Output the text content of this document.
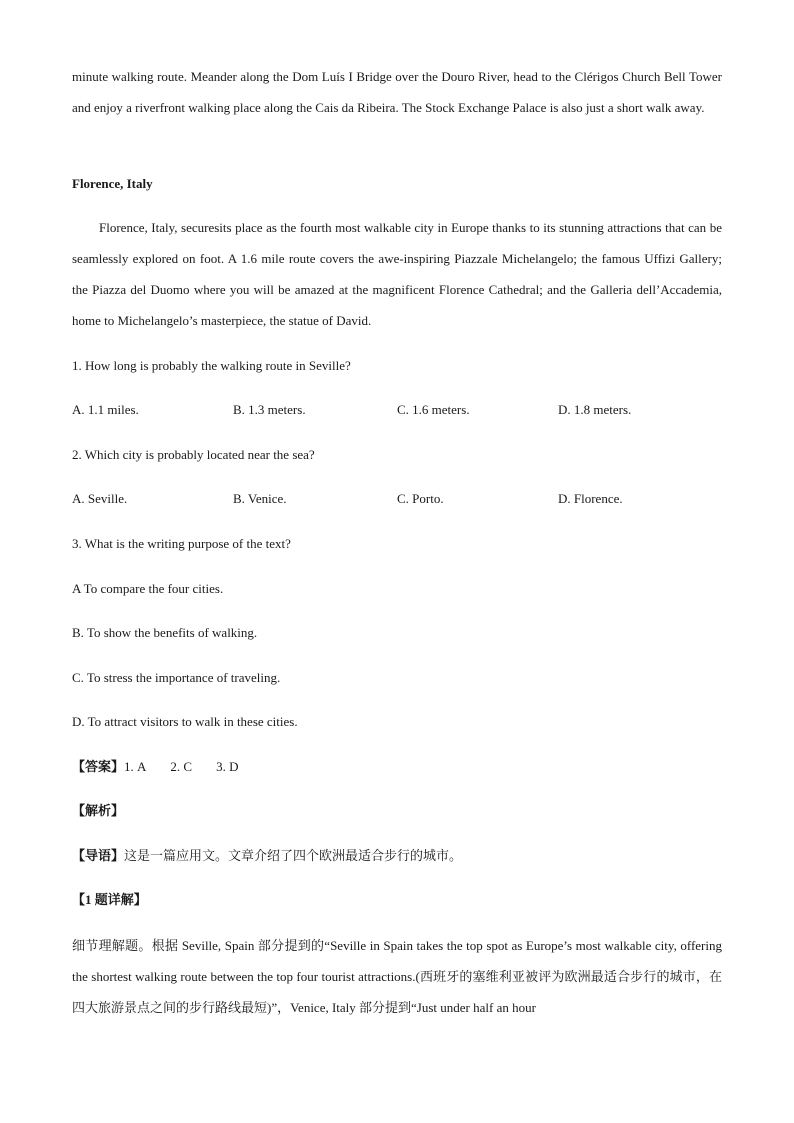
minute walking route. Meander along the Dom Luís I Bridge over the Douro River, head to the Clérigos Church Bell Tower and enjoy a riverfront walking place along the Cais da Ribeira. The Stock Exchange Palace is also just a short walk away.
Florence, Italy
Florence, Italy, securesits place as the fourth most walkable city in Europe thanks to its stunning attractions that can be seamlessly explored on foot. A 1.6 mile route covers the awe-inspiring Piazzale Michelangelo; the famous Uffizi Gallery; the Piazza del Duomo where you will be amazed at the magnificent Florence Cathedral; and the Galleria dell’Accademia, home to Michelangelo’s masterpiece, the statue of David.
1. How long is probably the walking route in Seville?
A. 1.1 miles.	B. 1.3 meters.	C. 1.6 meters.	D. 1.8 meters.
2. Which city is probably located near the sea?
A. Seville.	B. Venice.	C. Porto.	D. Florence.
3. What is the writing purpose of the text?
A To compare the four cities.
B. To show the benefits of walking.
C. To stress the importance of traveling.
D. To attract visitors to walk in these cities.
【答案】1. A 2. C 3. D
【解析】
【导语】这是一篇应用文。文章介绍了四个欧洲最适合步行的城市。
【1 题详解】
细节理解题。根据 Seville, Spain 部分提到的“Seville in Spain takes the top spot as Europe’s most walkable city, offering the shortest walking route between the top four tourist attractions.(西班牙的塞维利亚被评为欧洲最适合步行的城市，在四大旅游景点之间的步行路线最短)”，Venice, Italy 部分提到“Just under half an hour
